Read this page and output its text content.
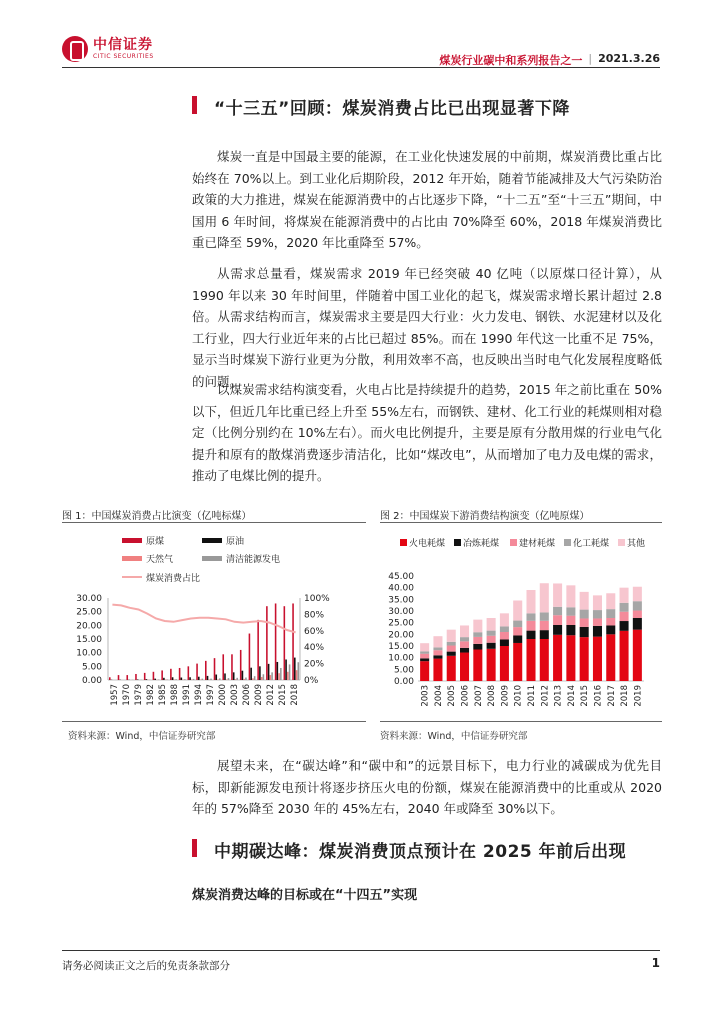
中信证券
CITIC SECURITIES	煤炭行业碳中和系列报告之一 | 2021.3.26
“十三五”回顾：煤炭消费占比已出现显著下降
煤炭一直是中国最主要的能源，在工业化快速发展的中前期，煤炭消费比重占比始终在 70%以上。到工业化后期阶段，2012 年开始，随着节能减排及大气污染防治政策的大力推进，煤炭在能源消费中的占比逐步下降，“十二五”至“十三五”期间，中国用 6 年时间，将煤炭在能源消费中的占比由 70%降至 60%，2018 年煤炭消费比重已降至 59%，2020 年比重降至 57%。
从需求总量看，煤炭需求 2019 年已经突破 40 亿吨（以原煤口径计算），从 1990 年以来 30 年时间里，伴随着中国工业化的起飞，煤炭需求增长累计超过 2.8 倍。从需求结构而言，煤炭需求主要是四大行业：火力发电、钢铁、水泥建材以及化工行业，四大行业近年来的占比已超过 85%。而在 1990 年代这一比重不足 75%，显示当时煤炭下游行业更为分散，利用效率不高，也反映出当时电气化发展程度略低的问题。
以煤炭需求结构演变看，火电占比是持续提升的趋势，2015 年之前比重在 50%以下，但近几年比重已经上升至 55%左右，而钢铁、建材、化工行业的耗煤则相对稳定（比例分别约在 10%左右）。而火电比例提升，主要是原有分散用煤的行业电气化提升和原有的散煤消费逐步清洁化，比如“煤改电”，从而增加了电力及电煤的需求，推动了电煤比例的提升。
图 1：中国煤炭消费占比演变（亿吨标煤）
原煤	原油
天然气	清洁能源发电
煤炭消费占比
0.00
5.00
10.00
15.00
20.00
25.00
30.00
0%
20%
40%
60%
80%
100%
1957 1970 1979 1982 1985 1988 1991 1994 1997 2000 2003 2006 2009 2012 2015 2018
资料来源：Wind，中信证券研究部
图 2：中国煤炭下游消费结构演变（亿吨原煤）
火电耗煤 冶炼耗煤 建材耗煤 化工耗煤 其他
0.00
5.00
10.00
15.00
20.00
25.00
30.00
35.00
40.00
45.00
2003 2004 2005 2006 2007 2008 2009 2010 2011 2012 2013 2014 2015 2016 2017 2018 2019
资料来源：Wind，中信证券研究部
展望未来，在“碳达峰”和“碳中和”的远景目标下，电力行业的减碳成为优先目标，即新能源发电预计将逐步挤压火电的份额，煤炭在能源消费中的比重或从 2020 年的 57%降至 2030 年的 45%左右，2040 年或降至 30%以下。
中期碳达峰：煤炭消费顶点预计在 2025 年前后出现
煤炭消费达峰的目标或在“十四五”实现
请务必阅读正文之后的免责条款部分	1
